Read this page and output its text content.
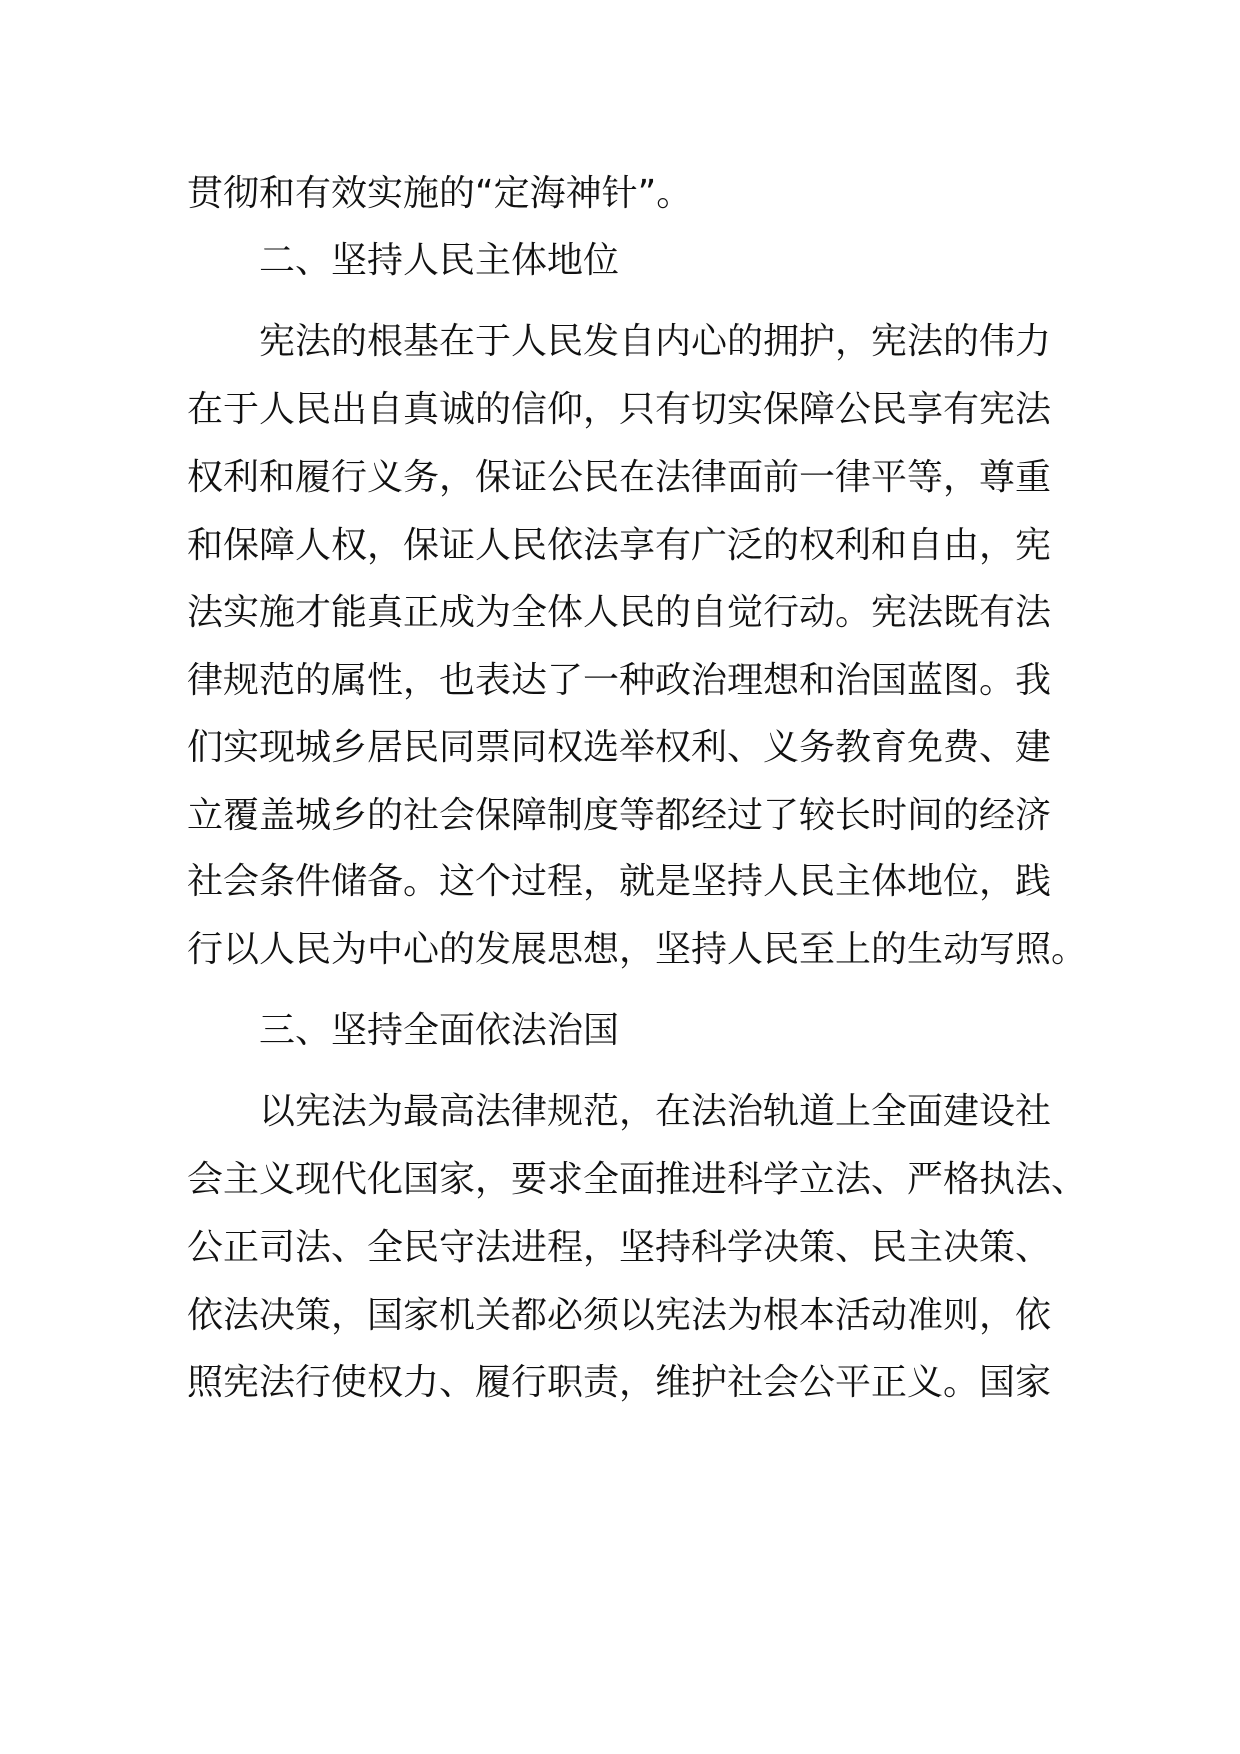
贯彻和有效实施的“定海神针”。

二、坚持人民主体地位

宪法的根基在于人民发自内心的拥护，宪法的伟力

在于人民出自真诚的信仰，只有切实保障公民享有宪法

权利和履行义务，保证公民在法律面前一律平等，尊重

和保障人权，保证人民依法享有广泛的权利和自由，宪

法实施才能真正成为全体人民的自觉行动。宪法既有法

律规范的属性，也表达了一种政治理想和治国蓝图。我

们实现城乡居民同票同权选举权利、义务教育免费、建

立覆盖城乡的社会保障制度等都经过了较长时间的经济

社会条件储备。这个过程，就是坚持人民主体地位，践

行以人民为中心的发展思想，坚持人民至上的生动写照。

三、坚持全面依法治国

以宪法为最高法律规范，在法治轨道上全面建设社

会主义现代化国家，要求全面推进科学立法、严格执法、

公正司法、全民守法进程，坚持科学决策、民主决策、

依法决策，国家机关都必须以宪法为根本活动准则，依

照宪法行使权力、履行职责，维护社会公平正义。国家
